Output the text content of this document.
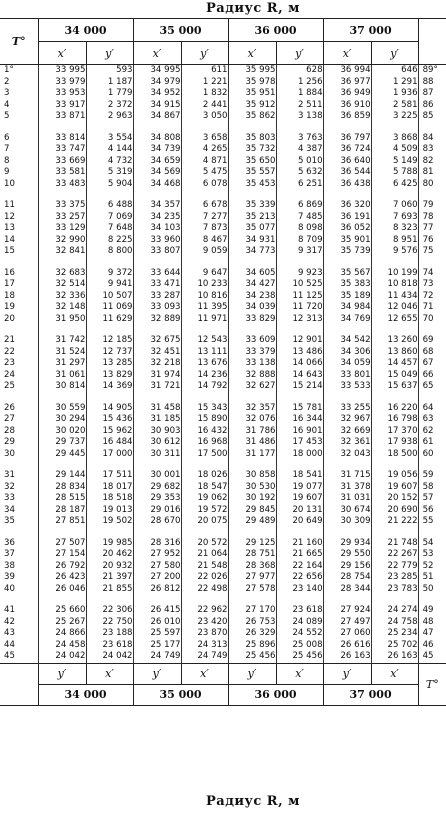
Радиус R, м
T°	34 000		35 000		36 000		37 000		
	x′	y′	x′	y′	x′	y′	x′	y′	
1°	33 995	593	34 995	611	35 995	628	36 994	646	89°
2	33 979	1 187	34 979	1 221	35 978	1 256	36 977	1 291	88
3	33 953	1 779	34 952	1 832	35 951	1 884	36 949	1 936	87
4	33 917	2 372	34 915	2 441	35 912	2 511	36 910	2 581	86
5	33 871	2 963	34 867	3 050	35 862	3 138	36 859	3 225	85

6	33 814	3 554	34 808	3 658	35 803	3 763	36 797	3 868	84
7	33 747	4 144	34 739	4 265	35 732	4 387	36 724	4 509	83
8	33 669	4 732	34 659	4 871	35 650	5 010	36 640	5 149	82
9	33 581	5 319	34 569	5 475	35 557	5 632	36 544	5 788	81
10	33 483	5 904	34 468	6 078	35 453	6 251	36 438	6 425	80

11	33 375	6 488	34 357	6 678	35 339	6 869	36 320	7 060	79
12	33 257	7 069	34 235	7 277	35 213	7 485	36 191	7 693	78
13	33 129	7 648	34 103	7 873	35 077	8 098	36 052	8 323	77
14	32 990	8 225	33 960	8 467	34 931	8 709	35 901	8 951	76
15	32 841	8 800	33 807	9 059	34 773	9 317	35 739	9 576	75

16	32 683	9 372	33 644	9 647	34 605	9 923	35 567	10 199	74
17	32 514	9 941	33 471	10 233	34 427	10 525	35 383	10 818	73
18	32 336	10 507	33 287	10 816	34 238	11 125	35 189	11 434	72
19	32 148	11 069	33 093	11 395	34 039	11 720	34 984	12 046	71
20	31 950	11 629	32 889	11 971	33 829	12 313	34 769	12 655	70

21	31 742	12 185	32 675	12 543	33 609	12 901	34 542	13 260	69
22	31 524	12 737	32 451	13 111	33 379	13 486	34 306	13 860	68
23	31 297	13 285	32 218	13 676	33 138	14 066	34 059	14 457	67
24	31 061	13 829	31 974	14 236	32 888	14 643	33 801	15 049	66
25	30 814	14 369	31 721	14 792	32 627	15 214	33 533	15 637	65

26	30 559	14 905	31 458	15 343	32 357	15 781	33 255	16 220	64
27	30 294	15 436	31 185	15 890	32 076	16 344	32 967	16 798	63
28	30 020	15 962	30 903	16 432	31 786	16 901	32 669	17 370	62
29	29 737	16 484	30 612	16 968	31 486	17 453	32 361	17 938	61
30	29 445	17 000	30 311	17 500	31 177	18 000	32 043	18 500	60

31	29 144	17 511	30 001	18 026	30 858	18 541	31 715	19 056	59
32	28 834	18 017	29 682	18 547	30 530	19 077	31 378	19 607	58
33	28 515	18 518	29 353	19 062	30 192	19 607	31 031	20 152	57
34	28 187	19 013	29 016	19 572	29 845	20 131	30 674	20 690	56
35	27 851	19 502	28 670	20 075	29 489	20 649	30 309	21 222	55

36	27 507	19 985	28 316	20 572	29 125	21 160	29 934	21 748	54
37	27 154	20 462	27 952	21 064	28 751	21 665	29 550	22 267	53
38	26 792	20 932	27 580	21 548	28 368	22 164	29 156	22 779	52
39	26 423	21 397	27 200	22 026	27 977	22 656	28 754	23 285	51
40	26 046	21 855	26 812	22 498	27 578	23 140	28 344	23 783	50

41	25 660	22 306	26 415	22 962	27 170	23 618	27 924	24 274	49
42	25 267	22 750	26 010	23 420	26 753	24 089	27 497	24 758	48
43	24 866	23 188	25 597	23 870	26 329	24 552	27 060	25 234	47
44	24 458	23 618	25 177	24 313	25 896	25 008	26 616	25 702	46
45	24 042	24 042	24 749	24 749	25 456	25 456	26 163	26 163	45
	y′	x′	y′	x′	y′	x′	y′	x′	T°
	34 000		35 000		36 000		37 000		
Радиус R, м
